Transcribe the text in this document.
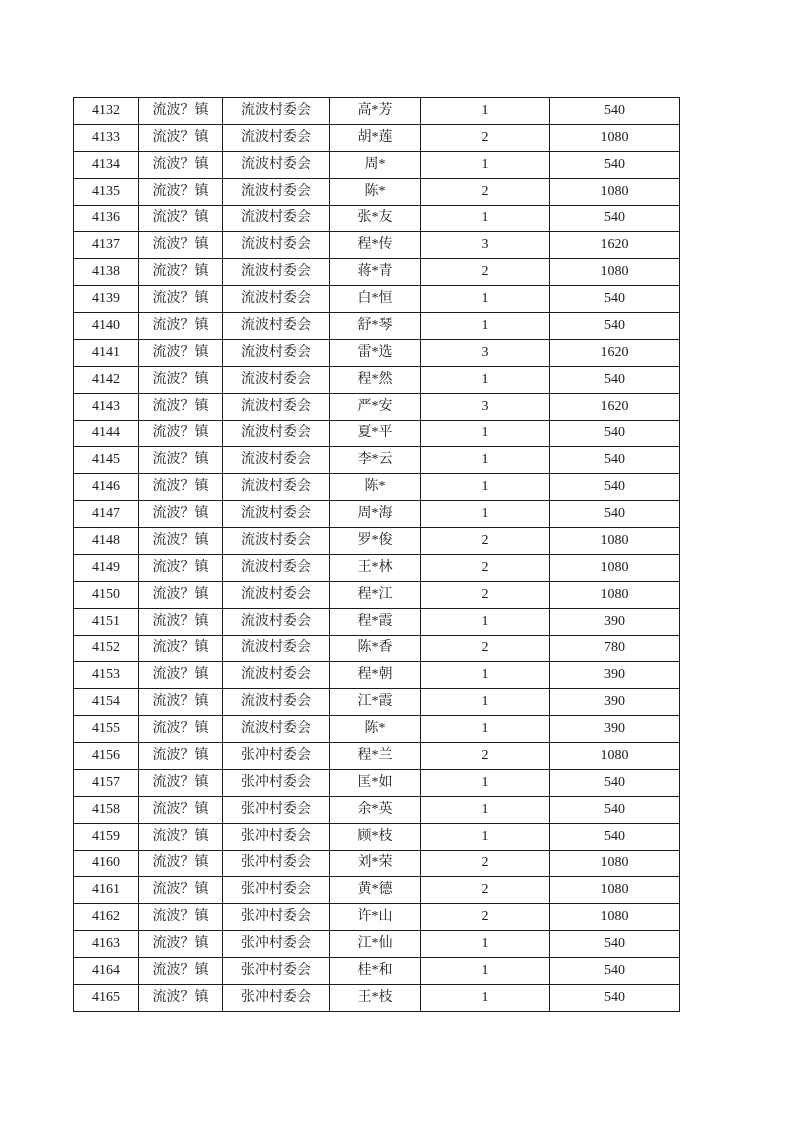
4132	流波？镇	流波村委会	高*芳	1	540
4133	流波？镇	流波村委会	胡*莲	2	1080
4134	流波？镇	流波村委会	周*	1	540
4135	流波？镇	流波村委会	陈*	2	1080
4136	流波？镇	流波村委会	张*友	1	540
4137	流波？镇	流波村委会	程*传	3	1620
4138	流波？镇	流波村委会	蒋*青	2	1080
4139	流波？镇	流波村委会	白*恒	1	540
4140	流波？镇	流波村委会	舒*琴	1	540
4141	流波？镇	流波村委会	雷*选	3	1620
4142	流波？镇	流波村委会	程*然	1	540
4143	流波？镇	流波村委会	严*安	3	1620
4144	流波？镇	流波村委会	夏*平	1	540
4145	流波？镇	流波村委会	李*云	1	540
4146	流波？镇	流波村委会	陈*	1	540
4147	流波？镇	流波村委会	周*海	1	540
4148	流波？镇	流波村委会	罗*俊	2	1080
4149	流波？镇	流波村委会	王*林	2	1080
4150	流波？镇	流波村委会	程*江	2	1080
4151	流波？镇	流波村委会	程*霞	1	390
4152	流波？镇	流波村委会	陈*香	2	780
4153	流波？镇	流波村委会	程*朝	1	390
4154	流波？镇	流波村委会	江*霞	1	390
4155	流波？镇	流波村委会	陈*	1	390
4156	流波？镇	张冲村委会	程*兰	2	1080
4157	流波？镇	张冲村委会	匡*如	1	540
4158	流波？镇	张冲村委会	余*英	1	540
4159	流波？镇	张冲村委会	顾*枝	1	540
4160	流波？镇	张冲村委会	刘*荣	2	1080
4161	流波？镇	张冲村委会	黄*德	2	1080
4162	流波？镇	张冲村委会	许*山	2	1080
4163	流波？镇	张冲村委会	江*仙	1	540
4164	流波？镇	张冲村委会	桂*和	1	540
4165	流波？镇	张冲村委会	王*枝	1	540
